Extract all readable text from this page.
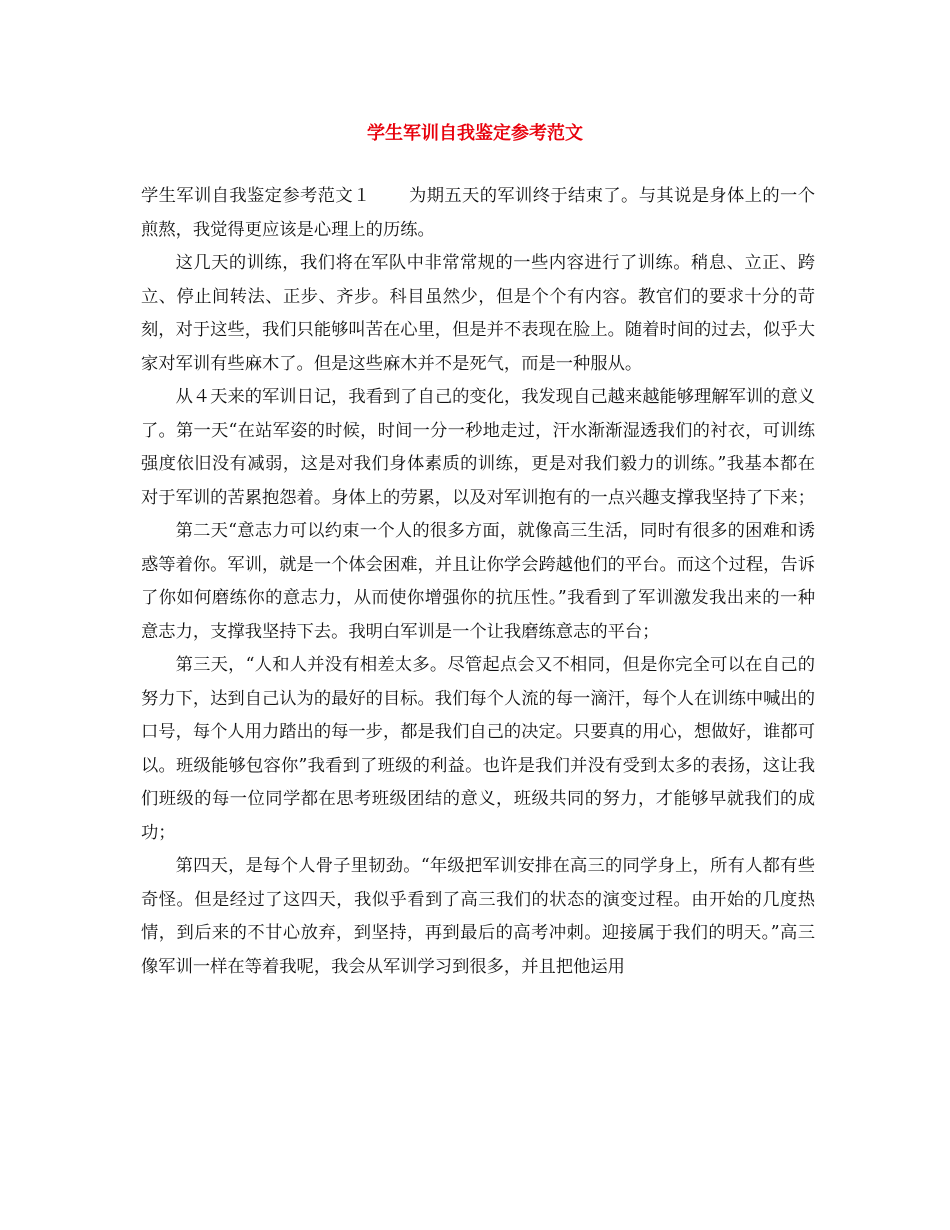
学生军训自我鉴定参考范文

学生军训自我鉴定参考范文１ 为期五天的军训终于结束了。与其说是身体上的一个煎熬，我觉得更应该是心理上的历练。

这几天的训练，我们将在军队中非常常规的一些内容进行了训练。稍息、立正、跨立、停止间转法、正步、齐步。科目虽然少，但是个个有内容。教官们的要求十分的苛刻，对于这些，我们只能够叫苦在心里，但是并不表现在脸上。随着时间的过去，似乎大家对军训有些麻木了。但是这些麻木并不是死气，而是一种服从。

从４天来的军训日记，我看到了自己的变化，我发现自己越来越能够理解军训的意义了。第一天“在站军姿的时候，时间一分一秒地走过，汗水渐渐湿透我们的衬衣，可训练强度依旧没有减弱，这是对我们身体素质的训练，更是对我们毅力的训练。”我基本都在对于军训的苦累抱怨着。身体上的劳累，以及对军训抱有的一点兴趣支撑我坚持了下来；

第二天“意志力可以约束一个人的很多方面，就像高三生活，同时有很多的困难和诱惑等着你。军训，就是一个体会困难，并且让你学会跨越他们的平台。而这个过程，告诉了你如何磨练你的意志力，从而使你增强你的抗压性。”我看到了军训激发我出来的一种意志力，支撑我坚持下去。我明白军训是一个让我磨练意志的平台；

第三天，“人和人并没有相差太多。尽管起点会又不相同，但是你完全可以在自己的努力下，达到自己认为的最好的目标。我们每个人流的每一滴汗，每个人在训练中喊出的口号，每个人用力踏出的每一步，都是我们自己的决定。只要真的用心，想做好，谁都可以。班级能够包容你”我看到了班级的利益。也许是我们并没有受到太多的表扬，这让我们班级的每一位同学都在思考班级团结的意义，班级共同的努力，才能够早就我们的成功；

第四天，是每个人骨子里韧劲。“年级把军训安排在高三的同学身上，所有人都有些奇怪。但是经过了这四天，我似乎看到了高三我们的状态的演变过程。由开始的几度热情，到后来的不甘心放弃，到坚持，再到最后的高考冲刺。迎接属于我们的明天。”高三像军训一样在等着我呢，我会从军训学习到很多，并且把他运用
